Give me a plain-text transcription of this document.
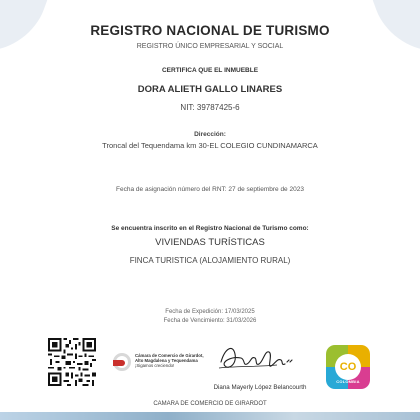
REGISTRO NACIONAL DE TURISMO
REGISTRO ÚNICO EMPRESARIAL Y SOCIAL
CERTIFICA QUE EL INMUEBLE
DORA ALIETH GALLO LINARES
NIT: 39787425-6
Dirección:
Troncal del Tequendama km 30-EL COLEGIO CUNDINAMARCA
Fecha de asignación número del RNT: 27 de septiembre de 2023
Se encuentra inscrito en el Registro Nacional de Turismo como:
VIVIENDAS TURÍSTICAS
FINCA TURISTICA (ALOJAMIENTO RURAL)
Fecha de Expedición: 17/03/2025
Fecha de Vencimiento: 31/03/2026
Cámara de Comercio de Girardot, Alto Magdalena y Tequendama
¡Sigamos creciendo!
Diana Mayerly López Belancourth
CO
COLOMBIA
CAMARA DE COMERCIO DE GIRARDOT
